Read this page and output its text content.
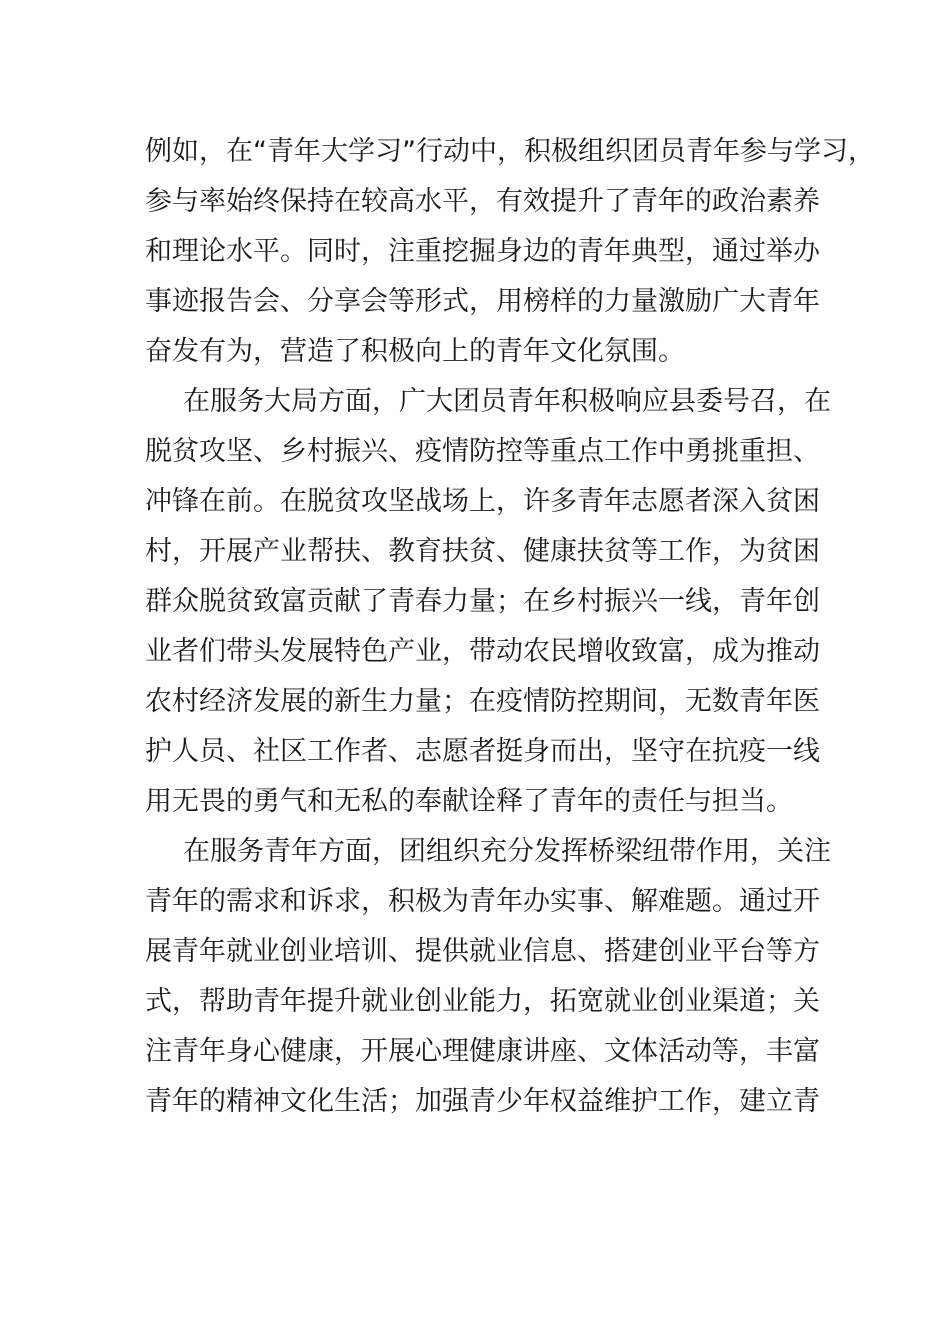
例如，在“青年大学习”行动中，积极组织团员青年参与学习，
参与率始终保持在较高水平，有效提升了青年的政治素养
和理论水平。同时，注重挖掘身边的青年典型，通过举办
事迹报告会、分享会等形式，用榜样的力量激励广大青年
奋发有为，营造了积极向上的青年文化氛围。
在服务大局方面，广大团员青年积极响应县委号召，在
脱贫攻坚、乡村振兴、疫情防控等重点工作中勇挑重担、
冲锋在前。在脱贫攻坚战场上，许多青年志愿者深入贫困
村，开展产业帮扶、教育扶贫、健康扶贫等工作，为贫困
群众脱贫致富贡献了青春力量；在乡村振兴一线，青年创
业者们带头发展特色产业，带动农民增收致富，成为推动
农村经济发展的新生力量；在疫情防控期间，无数青年医
护人员、社区工作者、志愿者挺身而出，坚守在抗疫一线
用无畏的勇气和无私的奉献诠释了青年的责任与担当。
在服务青年方面，团组织充分发挥桥梁纽带作用，关注
青年的需求和诉求，积极为青年办实事、解难题。通过开
展青年就业创业培训、提供就业信息、搭建创业平台等方
式，帮助青年提升就业创业能力，拓宽就业创业渠道；关
注青年身心健康，开展心理健康讲座、文体活动等，丰富
青年的精神文化生活；加强青少年权益维护工作，建立青
